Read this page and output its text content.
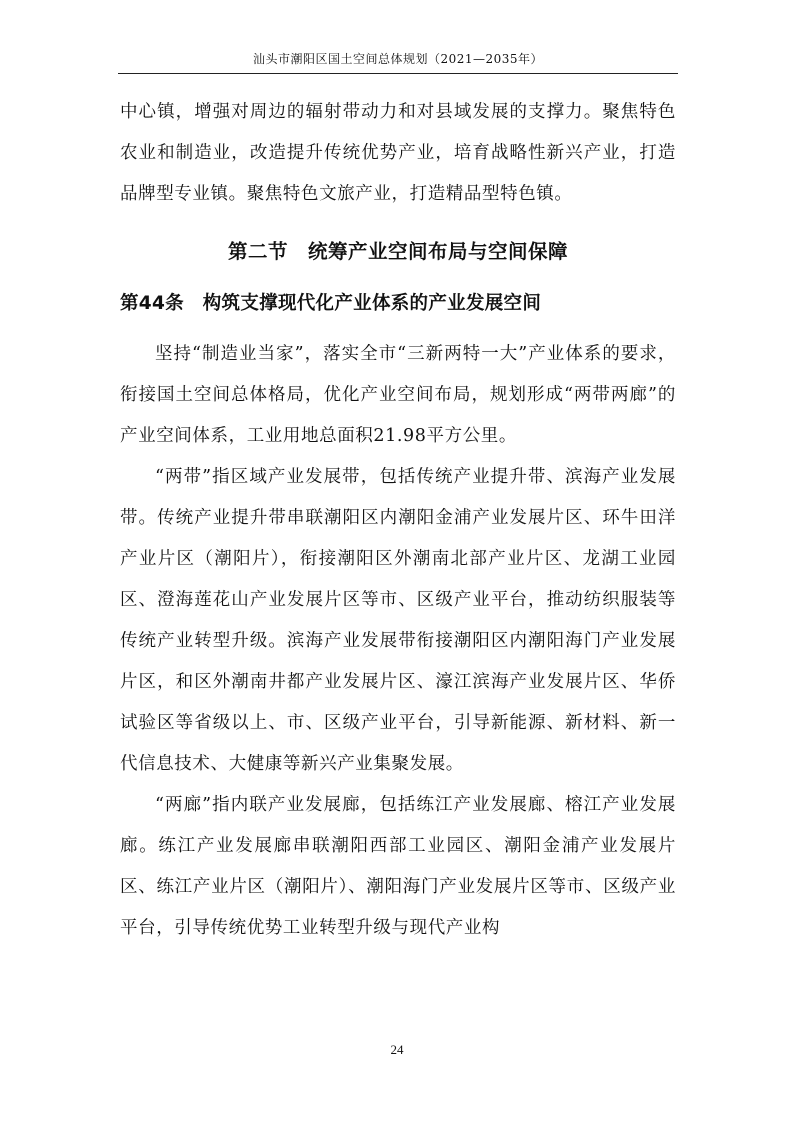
汕头市潮阳区国土空间总体规划（2021—2035年）

中心镇，增强对周边的辐射带动力和对县域发展的支撑力。聚焦特色农业和制造业，改造提升传统优势产业，培育战略性新兴产业，打造品牌型专业镇。聚焦特色文旅产业，打造精品型特色镇。

第二节　统筹产业空间布局与空间保障
第44条　构筑支撑现代化产业体系的产业发展空间

坚持“制造业当家”，落实全市“三新两特一大”产业体系的要求，衔接国土空间总体格局，优化产业空间布局，规划形成“两带两廊”的产业空间体系，工业用地总面积21.98平方公里。

“两带”指区域产业发展带，包括传统产业提升带、滨海产业发展带。传统产业提升带串联潮阳区内潮阳金浦产业发展片区、环牛田洋产业片区（潮阳片），衔接潮阳区外潮南北部产业片区、龙湖工业园区、澄海莲花山产业发展片区等市、区级产业平台，推动纺织服装等传统产业转型升级。滨海产业发展带衔接潮阳区内潮阳海门产业发展片区，和区外潮南井都产业发展片区、濠江滨海产业发展片区、华侨试验区等省级以上、市、区级产业平台，引导新能源、新材料、新一代信息技术、大健康等新兴产业集聚发展。

“两廊”指内联产业发展廊，包括练江产业发展廊、榕江产业发展廊。练江产业发展廊串联潮阳西部工业园区、潮阳金浦产业发展片区、练江产业片区（潮阳片）、潮阳海门产业发展片区等市、区级产业平台，引导传统优势工业转型升级与现代产业构

24
